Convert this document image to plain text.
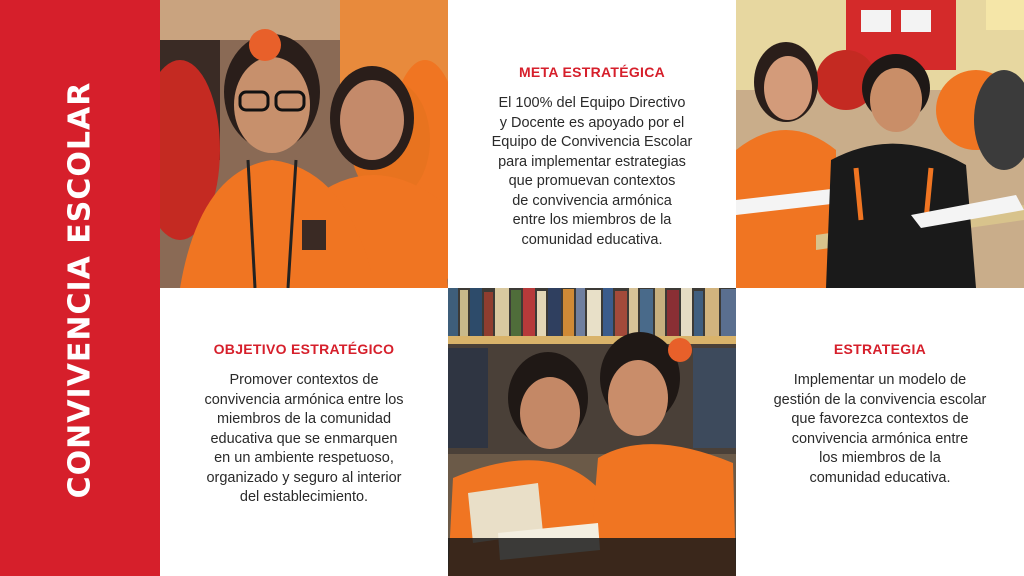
CONVIVENCIA ESCOLAR
META ESTRATÉGICA

El 100% del Equipo Directivo
y Docente es apoyado por el
Equipo de Convivencia Escolar
para implementar estrategias
que promuevan contextos
de convivencia armónica
entre los miembros de la
comunidad educativa.

OBJETIVO ESTRATÉGICO

Promover contextos de
convivencia armónica entre los
miembros de la comunidad
educativa que se enmarquen
en un ambiente respetuoso,
organizado y seguro al interior
del establecimiento.

ESTRATEGIA

Implementar un modelo de
gestión de la convivencia escolar
que favorezca contextos de
convivencia armónica entre
los miembros de la
comunidad educativa.
